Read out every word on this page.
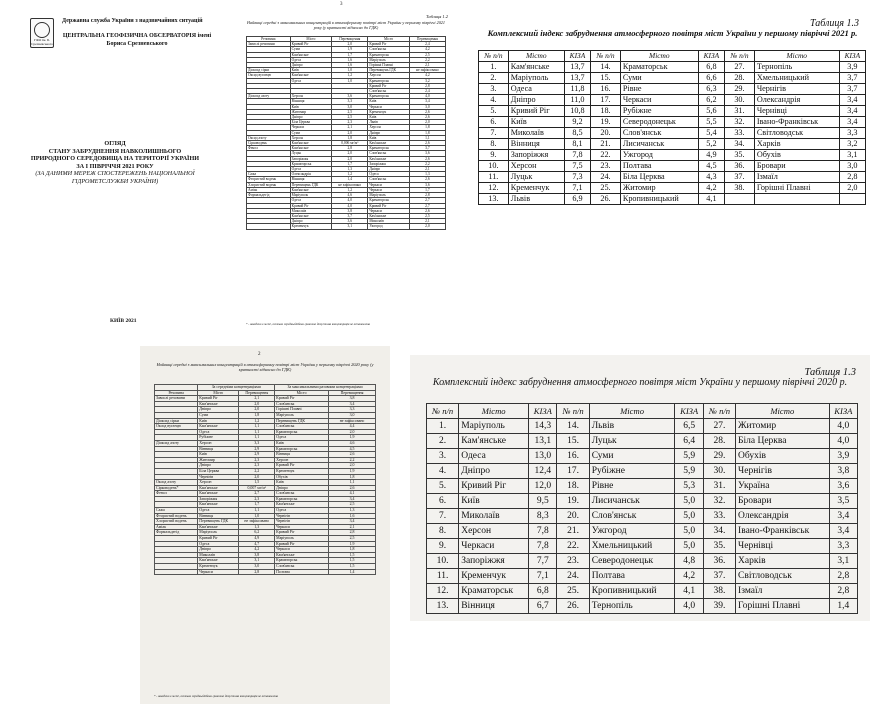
ГФО ім. Б. Срезневського
Державна служба України з надзвичайних ситуацій
ЦЕНТРАЛЬНА ГЕОФІЗИЧНА ОБСЕРВАТОРІЯ імені Бориса Срезневського
ОГЛЯД
СТАНУ ЗАБРУДНЕННЯ НАВКОЛИШНЬОГО ПРИРОДНОГО СЕРЕДОВИЩА НА ТЕРИТОРІЇ УКРАЇНИ
ЗА І ПІВРІЧЧЯ 2021 РОКУ
(ЗА ДАНИМИ МЕРЕЖ СПОСТЕРЕЖЕНЬ НАЦІОНАЛЬНОЇ ГІДРОМЕТСЛУЖБИ УКРАЇНИ)
КИЇВ 2021
3
Таблиця 1.2
Найвищі середні з максимальних концентрацій в атмосферному повітрі міст України у першому півріччі 2021 року (у кратності відносно до ГДК)
Речовина	Місто	Перевищення	Місто	Перевищення
Завислі речовини	Кривий Ріг	2,0	Кривий Ріг	2,4
	Суми	1,9	Слов'янськ	4,2
	Кам'янське	1,7	Краматорськ	2,5
	Одеса	1,6	Маріуполь	2,2
	Дніпро	1,6	Горішні Плавні	2,1
Діоксид сірки	Київ	1,0	Перевищень ГДК	не зафіксовано
Оксид вуглецю	Кам'янське	1,2	Херсон	4,2
	Одеса	1,0	Краматорськ	3,2
			Кривий Ріг	2,8
			Слов'янськ	2,4
Діоксид азоту	Херсон	3,6	Краматорськ	4,0
	Вінниця	3,3	Київ	3,4
	Київ	3,0	Черкаси	3,0
	Житомир	2,5	Кременчук	2,6
	Дніпро	2,5	Київ	2,6
	Біла Церква	2,3	Львів	2,0
	Черкаси	2,1	Херсон	1,8
	Суми	2,0	Дніпро	1,8
Оксид азоту	Херсон	1,8	Київ	1,1
Сірководень	Кам'янське	0,006 мг/м³	Кам'янське	2,6
Фенол	Кам'янське	2,8	Краматорськ	3,7
	Луцьк	2,0	Слов'янськ	3,6
	Запоріжжя	2,0	Кам'янське	2,6
	Краматорськ	1,7	Запоріжжя	2,2
	Одеса	1,3	Дніпро	2,1
Сажа	Олександрія	1,2	Одеса	1,3
Фтористий водень	Вінниця	1,4	Слов'янськ	2,6
Хлористий водень	Перевищень ГДК	не зафіксовано	Черкаси	3,6
Аміак	Кам'янське	1,2	Черкаси	1,7
Формальдегід	Маріуполь	4,6	Маріуполь	2,8
	Одеса	4,0	Краматорськ	2,7
	Кривий Ріг	4,0	Кривий Ріг	2,7
	Миколаїв	3,8	Черкаси	2,6
	Кам'янське	3,7	Кам'янське	2,5
	Дніпро	3,6	Миколаїв	2,1
	Кременчук	3,1	Ужгород	2,0
* - наведено в мг/м³, оскільки середньодобова гранично допустима концентрація не встановлена
Таблиця 1.3
Комплексний індекс забруднення атмосферного повітря міст України у першому півріччі 2021 р.
№ п/п	Місто	КІЗА	№ п/п	Місто	КІЗА	№ п/п	Місто	КІЗА
1.	Кам'янське	13,7	14.	Краматорськ	6,8	27.	Тернопіль	3,9
2.	Маріуполь	13,7	15.	Суми	6,6	28.	Хмельницький	3,7
3.	Одеса	11,8	16.	Рівне	6,3	29.	Чернігів	3,7
4.	Дніпро	11,0	17.	Черкаси	6,2	30.	Олександрія	3,4
5.	Кривий Ріг	10,8	18.	Рубіжне	5,6	31.	Чернівці	3,4
6.	Київ	9,2	19.	Северодонецьк	5,5	32.	Івано-Франківськ	3,4
7.	Миколаїв	8,5	20.	Слов'янськ	5,4	33.	Світловодськ	3,3
8.	Вінниця	8,1	21.	Лисичанськ	5,2	34.	Харків	3,2
9.	Запоріжжя	7,8	22.	Ужгород	4,9	35.	Обухів	3,1
10.	Херсон	7,5	23.	Полтава	4,5	36.	Бровари	3,0
11.	Луцьк	7,3	24.	Біла Церква	4,3	37.	Ізмаїл	2,8
12.	Кременчук	7,1	25.	Житомир	4,2	38.	Горішні Плавні	2,0
13.	Львів	6,9	26.	Кропивницький	4,1			
2
Найвищі середні з максимальних концентрацій в атмосферному повітрі міст України у першому півріччі 2020 року (у кратності відносно до ГДК)
	За середніми концентраціями		За максимальними разовими концентраціями	
Речовина	Місто	Перевищення	Місто	Перевищення
Завислі речовини	Кривий Ріг	2,1	Кривий Ріг	3,8
	Кам'янське	2,0	Слов'янськ	3,4
	Дніпро	2,0	Горішні Плавні	3,3
	Суми	1,8	Маріуполь	3,0
Діоксид сірки	Київ	1,2	Перевищень ГДК	не зафіксовано
Оксид вуглецю	Кам'янське	1,1	Слов'янськ	4,4
	Одеса	1,1	Краматорськ	2,0
	Рубіжне	1,1	Одеса	1,9
Діоксид азоту	Херсон	3,3	Київ	4,6
	Вінниця	2,9	Краматорськ	4,5
	Київ	2,9	Вінниця	2,6
	Житомир	2,3	Херсон	2,2
	Дніпро	2,3	Кривий Ріг	2,0
	Біла Церква	2,2	Кременчук	1,9
	Чернігів	2,0	Обухів	1,8
Оксид азоту	Херсон	1,5	Київ	1,1
Сірководень*	Кам'янське	0,007 мг/м³	Дніпро	2,6
Фенол	Кам'янське	2,7	Слов'янськ	4,1
	Запоріжжя	2,3	Краматорськ	3,4
	Кам'янське	1,7	Кам'янське	2,5
Сажа	Одеса	1,1	Одеса	1,3
Фтористий водень	Вінниця	1,0	Чернігів	1,6
Хлористий водень	Перевищень ГДК	не зафіксовано	Чернігів	3,4
Аміак	Кам'янське	1,3	Черкаси	2,1
Формальдегід	Маріуполь	6,2	Кривий Ріг	2,8
	Кривий Ріг	4,9	Маріуполь	2,5
	Одеса	4,7	Кривий Ріг	1,9
	Дніпро	4,2	Черкаси	1,8
	Миколаїв	3,8	Кам'янське	1,5
	Кам'янське	3,1	Краматорськ	1,5
	Кременчук	3,0	Слов'янськ	1,5
	Черкаси	2,8	Полтава	1,4
* - наведено в мг/м³, оскільки середньодобова гранично допустима концентрація не встановлена
Таблиця 1.3
Комплексний індекс забруднення атмосферного повітря міст України у першому півріччі 2020 р.
№ п/п	Місто	КІЗА	№ п/п	Місто	КІЗА	№ п/п	Місто	КІЗА
1.	Маріуполь	14,3	14.	Львів	6,5	27.	Житомир	4,0
2.	Кам'янське	13,1	15.	Луцьк	6,4	28.	Біла Церква	4,0
3.	Одеса	13,0	16.	Суми	5,9	29.	Обухів	3,9
4.	Дніпро	12,4	17.	Рубіжне	5,9	30.	Чернігів	3,8
5.	Кривий Ріг	12,0	18.	Рівне	5,3	31.	Україна	3,6
6.	Київ	9,5	19.	Лисичанськ	5,0	32.	Бровари	3,5
7.	Миколаїв	8,3	20.	Слов'янськ	5,0	33.	Олександрія	3,4
8.	Херсон	7,8	21.	Ужгород	5,0	34.	Івано-Франківськ	3,4
9.	Черкаси	7,8	22.	Хмельницький	5,0	35.	Чернівці	3,3
10.	Запоріжжя	7,7	23.	Северодонецьк	4,8	36.	Харків	3,1
11.	Кременчук	7,1	24.	Полтава	4,2	37.	Світловодськ	2,8
12.	Краматорськ	6,8	25.	Кропивницький	4,1	38.	Ізмаїл	2,8
13.	Вінниця	6,7	26.	Тернопіль	4,0	39.	Горішні Плавні	1,4
